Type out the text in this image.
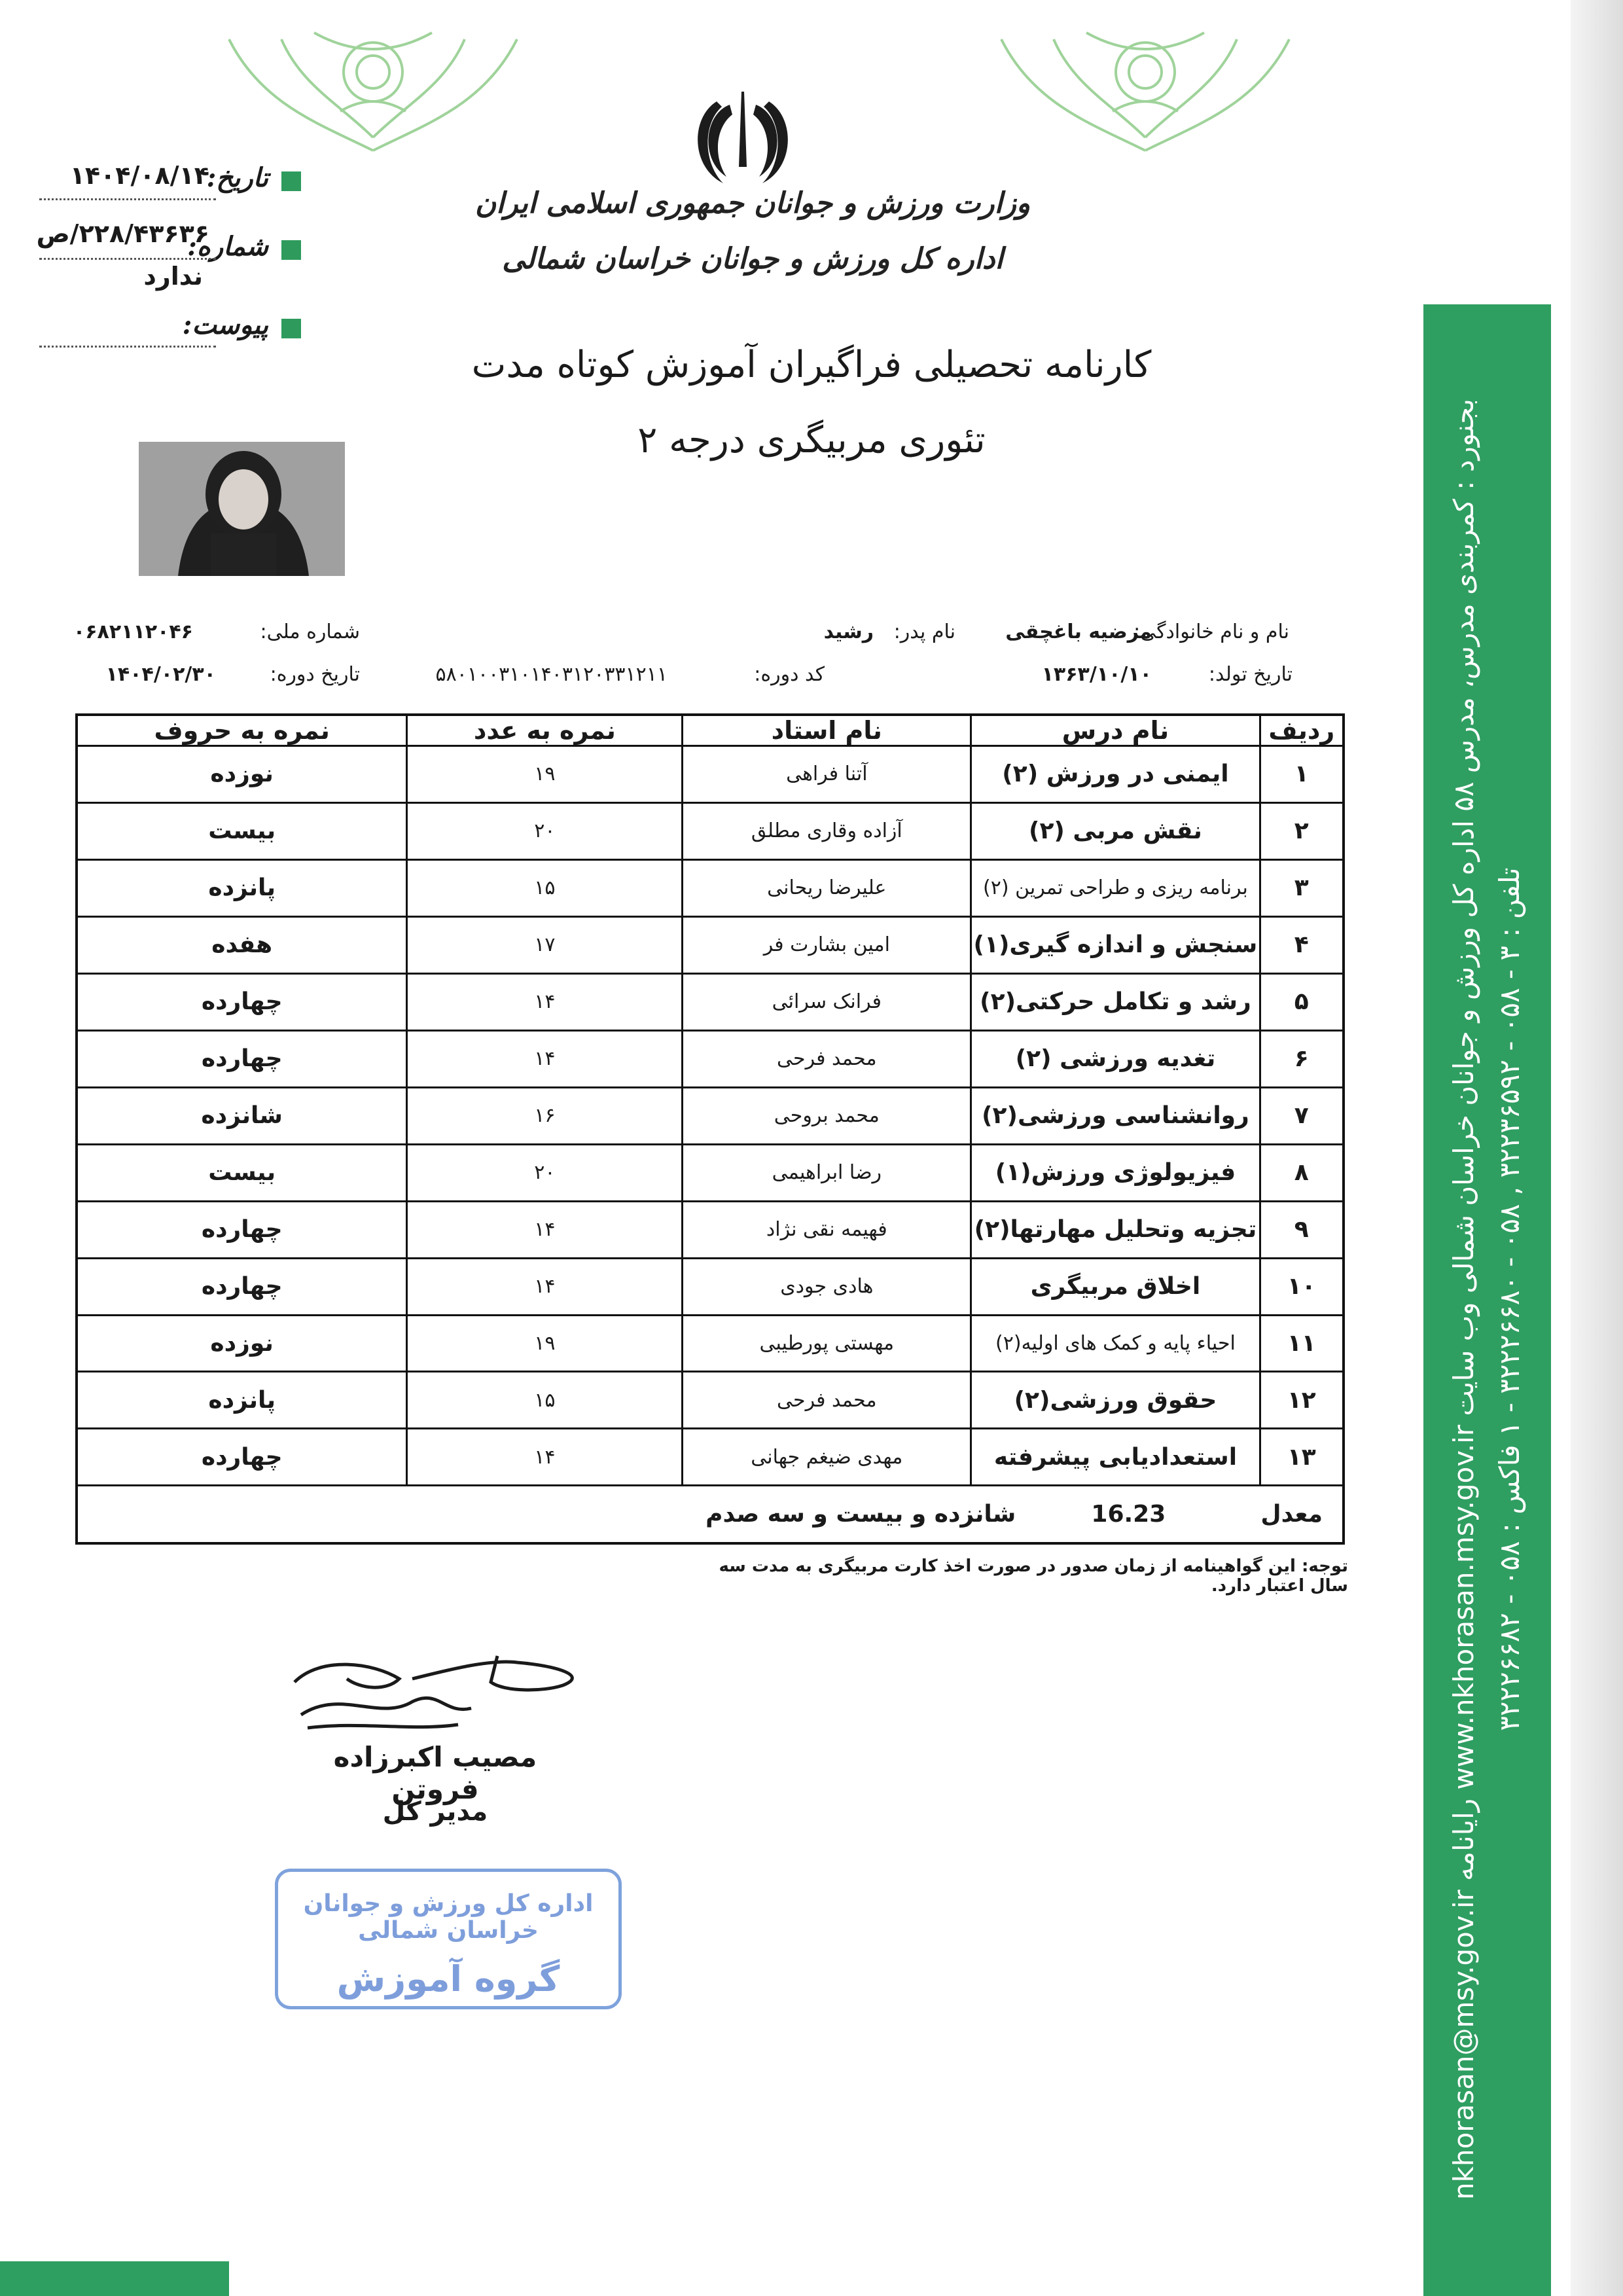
وزارت ورزش و جوانان جمهوری اسلامی ایران
اداره کل ورزش و جوانان خراسان شمالی
تاریخ:
۱۴۰۴/۰۸/۱۴
شماره:
۲۲۸/۴۳۶۳۶/ص
ندارد
پیوست:
کارنامه تحصیلی فراگیران آموزش کوتاه مدت
تئوری مربیگری درجه ۲
نام و نام خانوادگی:
مرضیه باغچقی
نام پدر:
رشید
شماره ملی:
۰۶۸۲۱۱۲۰۴۶
تاریخ تولد:
۱۳۶۳/۱۰/۱۰
کد دوره:
۵۸۰۱۰۰۳۱۰۱۴۰۳۱۲۰۳۳۱۲۱۱
تاریخ دوره:
۱۴۰۴/۰۲/۳۰
ردیف	نام درس	نام استاد	نمره به عدد	نمره به حروف
۱	ایمنی در ورزش (۲)	آتنا فراهی	۱۹	نوزده
۲	نقش مربی (۲)	آزاده وقاری مطلق	۲۰	بیست
۳	برنامه ریزی و طراحی تمرین (۲)	علیرضا ریحانی	۱۵	پانزده
۴	سنجش و اندازه گیری(۱)	امین بشارت فر	۱۷	هفده
۵	رشد و تکامل حرکتی(۲)	فرانک سرائی	۱۴	چهارده
۶	تغدیه ورزشی (۲)	محمد فرحی	۱۴	چهارده
۷	روانشناسی ورزشی(۲)	محمد بروحی	۱۶	شانزده
۸	فیزیولوژی ورزش(۱)	رضا ابراهیمی	۲۰	بیست
۹	تجزیه وتحلیل مهارتها(۲)	فهیمه نقی نژاد	۱۴	چهارده
۱۰	اخلاق مربیگری	هادی جودی	۱۴	چهارده
۱۱	احیاء پایه و کمک های اولیه(۲)	مهستی پورطیبی	۱۹	نوزده
۱۲	حقوق ورزشی(۲)	محمد فرحی	۱۵	پانزده
۱۳	استعدادیابی پیشرفته	مهدی ضیغم جهانی	۱۴	چهارده
معدل  16.23  شانزده و بیست و سه صدم				
توجه: این گواهینامه از زمان صدور در صورت اخذ کارت مربیگری به مدت سه سال اعتبار دارد.
مصیب اکبرزاده فروتن
مدیر کل
اداره کل ورزش و جوانان خراسان شمالی
گروه آموزش	بجنورد : کمربندی مدرس، مدرس ۵۸ اداره کل ورزش و جوانان خراسان شمالی وب سایت www.nkhorasan.msy.gov.ir رایانامه nkhorasan@msy.gov.ir
تلفن : ۳ - ۰۵۸ - ۳۲۲۳۶۵۹۲ , ۰۵۸ - ۳۲۲۲۶۶۸۰ - ۱ فاکس : ۰۵۸ - ۳۲۲۲۶۶۸۲
